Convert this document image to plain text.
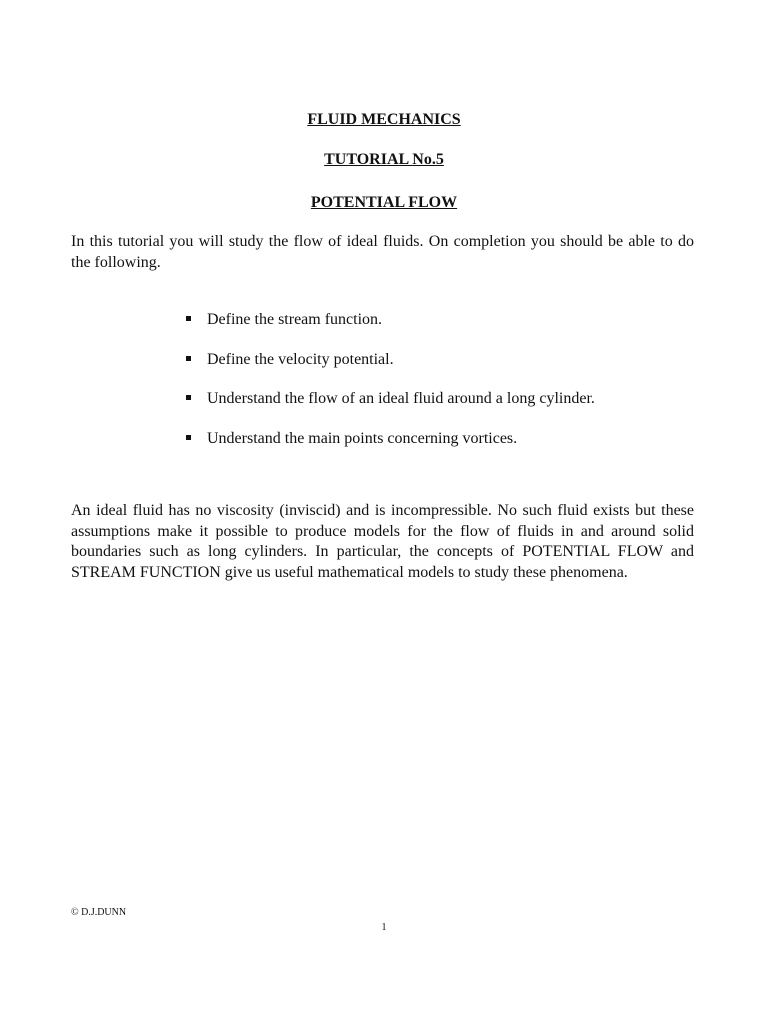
FLUID MECHANICS
TUTORIAL No.5
POTENTIAL FLOW

In this tutorial you will study the flow of ideal fluids. On completion you should be able to do the following.

Define the stream function.
Define the velocity potential.
Understand the flow of an ideal fluid around a long cylinder.
Understand the main points concerning vortices.

An ideal fluid has no viscosity (inviscid) and is incompressible. No such fluid exists but these assumptions make it possible to produce models for the flow of fluids in and around solid boundaries such as long cylinders. In particular, the concepts of POTENTIAL FLOW and STREAM FUNCTION give us useful mathematical models to study these phenomena.

© D.J.DUNN

1
